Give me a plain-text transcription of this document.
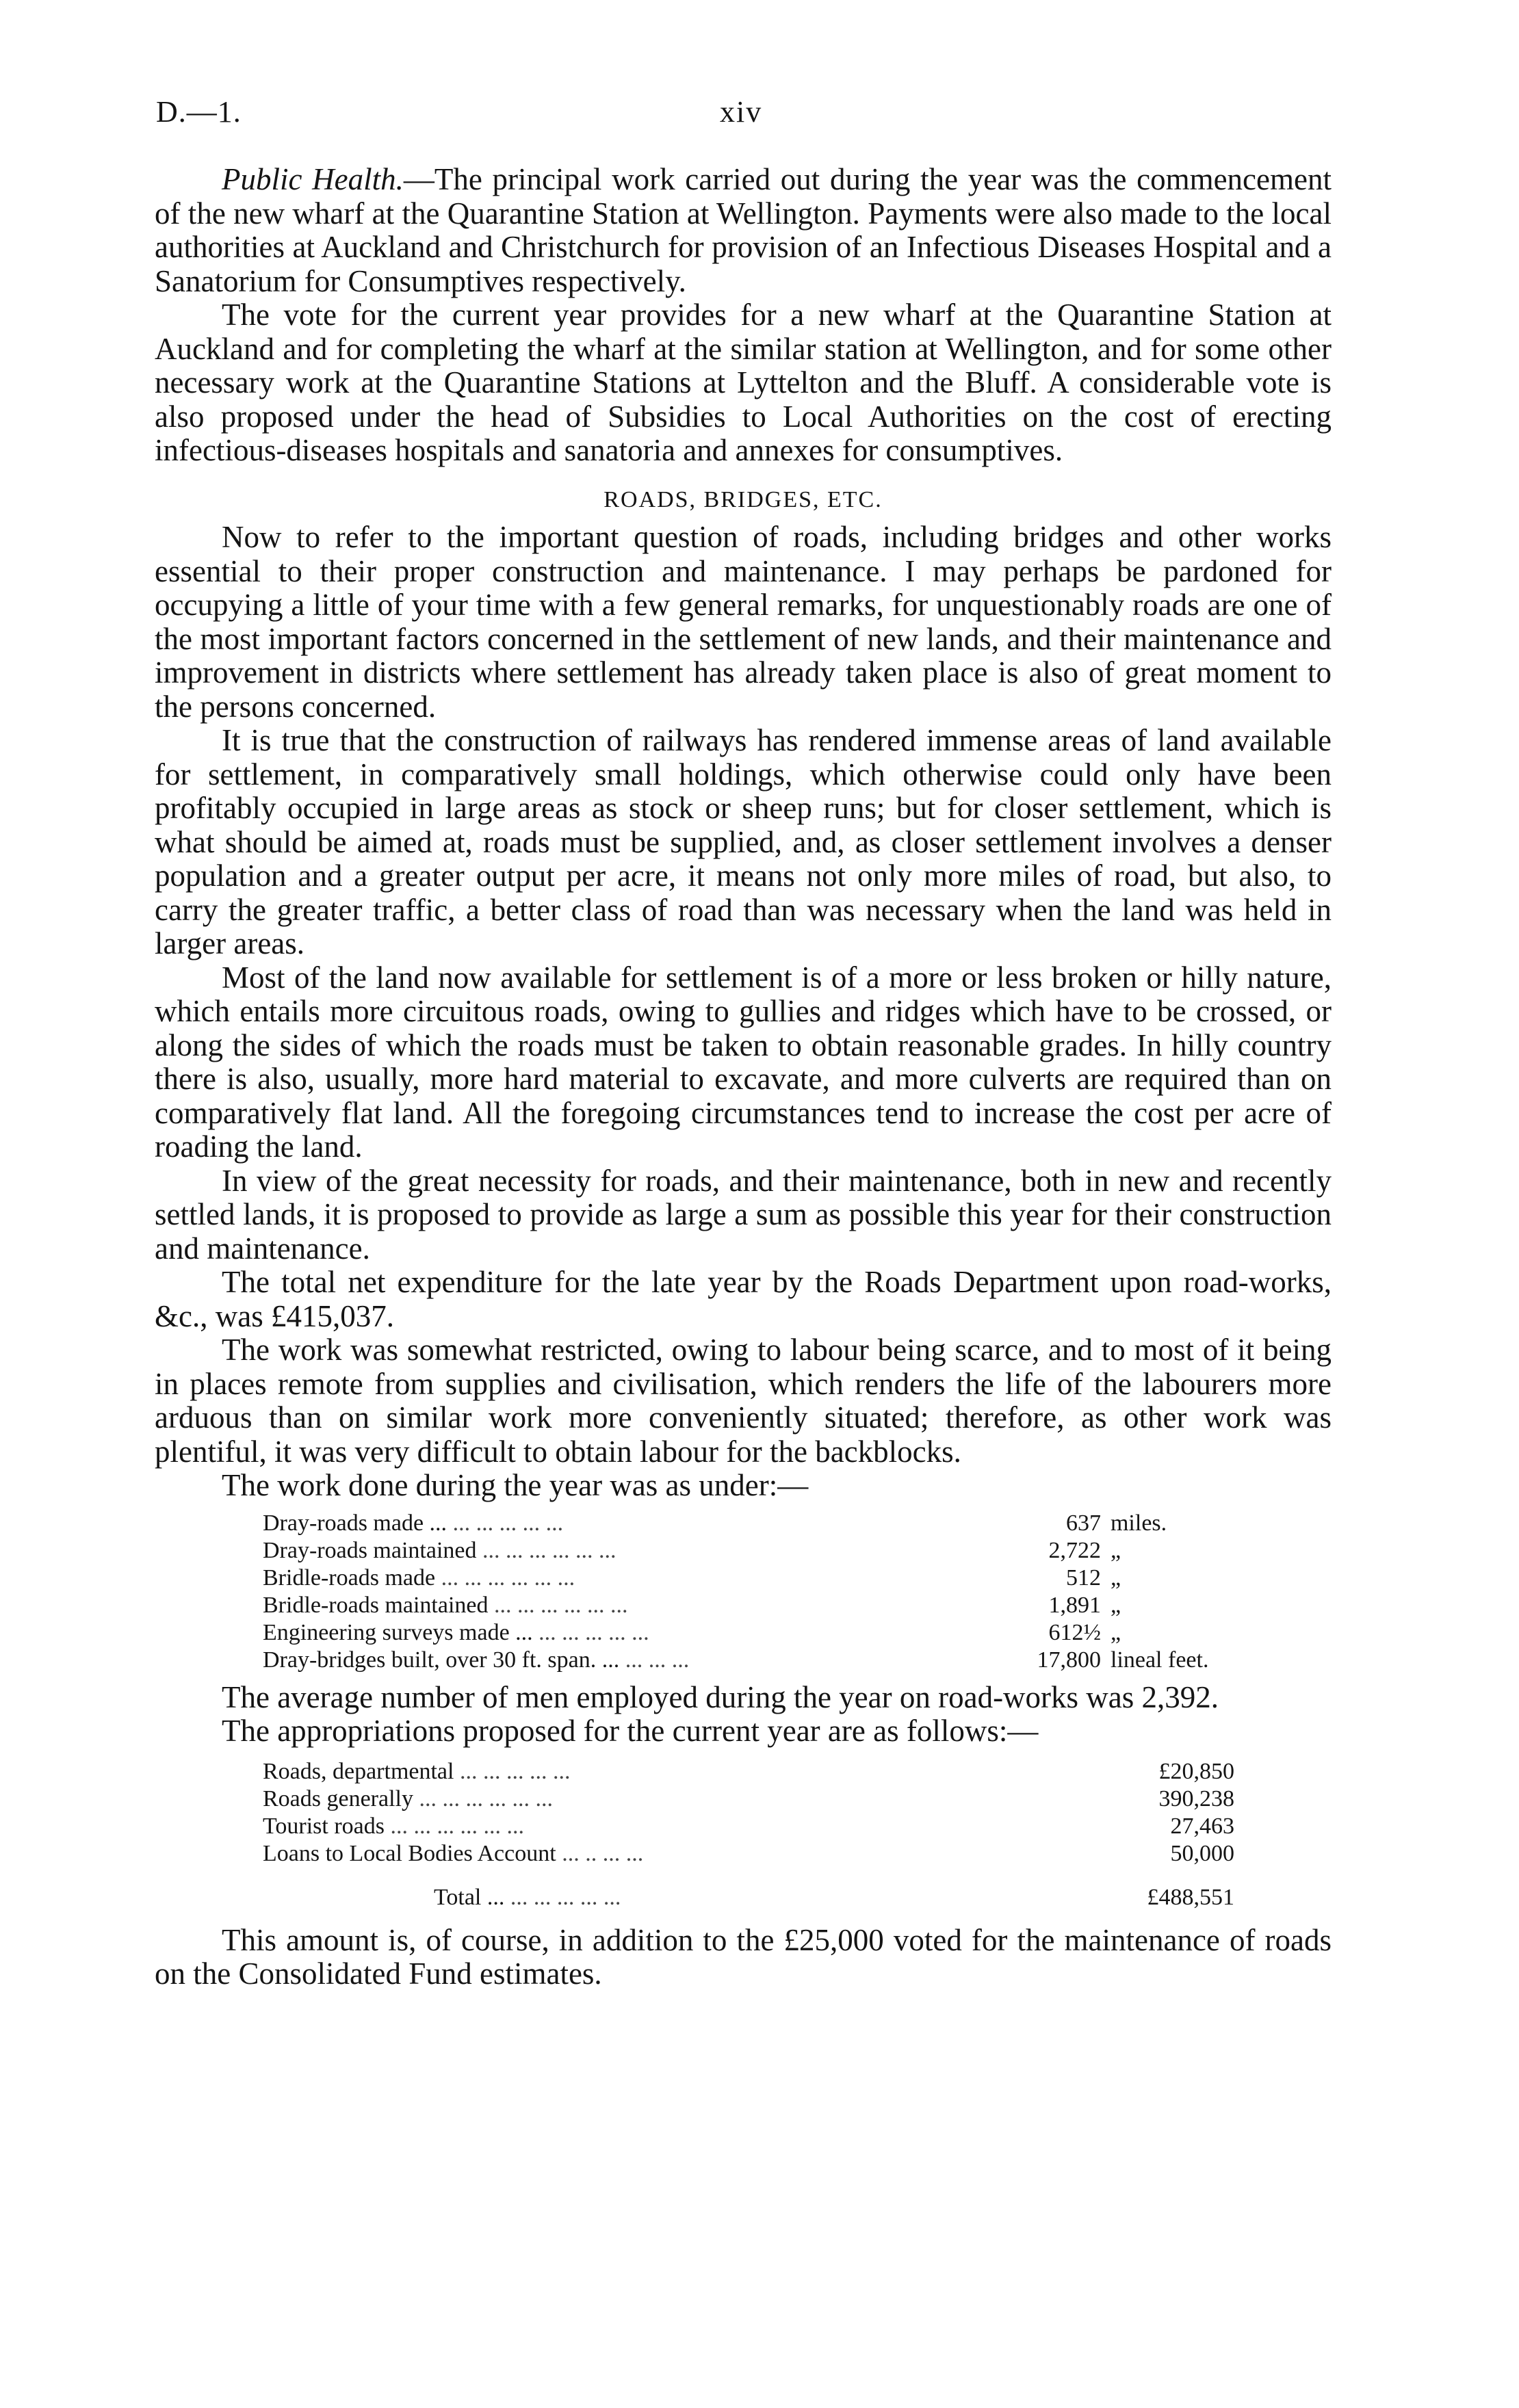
D.—1.	xiv

Public Health.—The principal work carried out during the year was the commencement of the new wharf at the Quarantine Station at Wellington. Payments were also made to the local authorities at Auckland and Christchurch for provision of an Infectious Diseases Hospital and a Sanatorium for Consumptives respectively.

The vote for the current year provides for a new wharf at the Quarantine Station at Auckland and for completing the wharf at the similar station at Wellington, and for some other necessary work at the Quarantine Stations at Lyttelton and the Bluff. A considerable vote is also proposed under the head of Subsidies to Local Authorities on the cost of erecting infectious-diseases hospitals and sanatoria and annexes for consumptives.

ROADS, BRIDGES, ETC.

Now to refer to the important question of roads, including bridges and other works essential to their proper construction and maintenance. I may perhaps be pardoned for occupying a little of your time with a few general remarks, for unquestionably roads are one of the most important factors concerned in the settlement of new lands, and their maintenance and improvement in districts where settlement has already taken place is also of great moment to the persons concerned.

It is true that the construction of railways has rendered immense areas of land available for settlement, in comparatively small holdings, which otherwise could only have been profitably occupied in large areas as stock or sheep runs; but for closer settlement, which is what should be aimed at, roads must be supplied, and, as closer settlement involves a denser population and a greater output per acre, it means not only more miles of road, but also, to carry the greater traffic, a better class of road than was necessary when the land was held in larger areas.

Most of the land now available for settlement is of a more or less broken or hilly nature, which entails more circuitous roads, owing to gullies and ridges which have to be crossed, or along the sides of which the roads must be taken to obtain reasonable grades. In hilly country there is also, usually, more hard material to excavate, and more culverts are required than on comparatively flat land. All the foregoing circumstances tend to increase the cost per acre of roading the land.

In view of the great necessity for roads, and their maintenance, both in new and recently settled lands, it is proposed to provide as large a sum as possible this year for their construction and maintenance.

The total net expenditure for the late year by the Roads Department upon road-works, &c., was £415,037.

The work was somewhat restricted, owing to labour being scarce, and to most of it being in places remote from supplies and civilisation, which renders the life of the labourers more arduous than on similar work more conveniently situated; therefore, as other work was plentiful, it was very difficult to obtain labour for the backblocks.

The work done during the year was as under:—

Dray-roads made ... ... ... ... ... ...	637	miles.
Dray-roads maintained ... ... ... ... ... ...	2,722	„
Bridle-roads made ... ... ... ... ... ...	512	„
Bridle-roads maintained ... ... ... ... ... ...	1,891	„
Engineering surveys made ... ... ... ... ... ...	612½	„
Dray-bridges built, over 30 ft. span. ... ... ... ...	17,800	lineal feet.

The average number of men employed during the year on road-works was 2,392.

The appropriations proposed for the current year are as follows:—

Roads, departmental ... ... ... ... ...	£20,850
Roads generally ... ... ... ... ... ...	390,238
Tourist roads ... ... ... ... ... ...	27,463
Loans to Local Bodies Account ... .. ... ...	50,000
Total ... ... ... ... ... ...	£488,551

This amount is, of course, in addition to the £25,000 voted for the maintenance of roads on the Consolidated Fund estimates.
